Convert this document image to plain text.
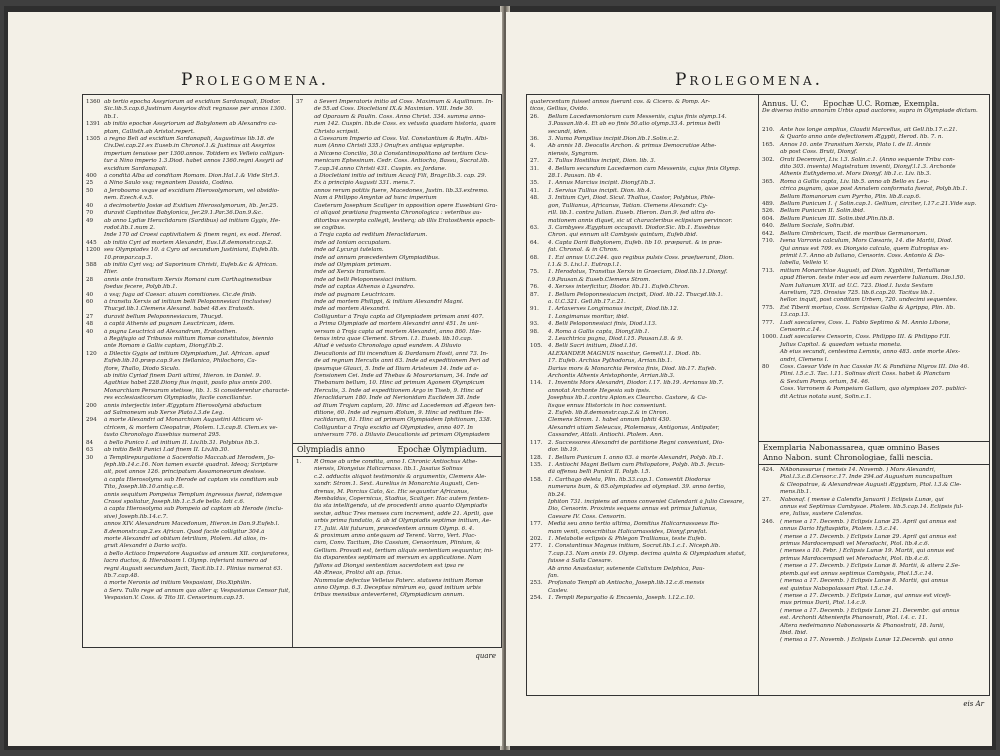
Prolegomena.
1360 ab tertio epocha Assyriorum ad excidium Sardanapali, Diodor.
Sic.lib.5.cap.6.Justinum Assyrios dixit regnasse per annos 1300.
lib.1.
1391 ab initio epochæ Assyriorum ad Babylonem ab Alexandro ca-
ptam, Callisth.ab Aristot.repert.
1305 a regno Beli ad excidium Sardanapali, Augustinus lib.18. de
Civ.Dei.cap.21.ex Euseb.in Chronol.1.& Justinus ait Assyrios
imperium tenuisse per 1300.annos. Totidem ex Velleio colligun-
tur à Nino imperio 1.3.Diod. habet annos 1360.regni Assyrii ad
excidium Sardanapali.
400 à conditâ Alba ad conditam Romam. Dion.Hal.1.& Vide Strl.5.
25 à Nino Saulo vsq; regnantem Dauida, Codino.
50 à Jeroboamo vsque ad excidium Hierosolymorum, vel obsidio-
nem. Ezech.4.v.5.
40 à decimotertio Josiæ ad Exidium Hierosolymorum, lib. Jer.25.
70 duravit Captivitas Babylonica, Jer.29.1.Par.36.Dan.9.&c.
49 ab anno Lydiæ Heraclidarum (Sardibus) ad initium Gygis, He-
rodot.lib.1.num 2.
Inde 170 ad Croesi captivitatem & finem regni, ex eod. Herod.
445 ab initio Cyri ad mortem Alexandri, Eus.l.8.demonstr.cap.2.
1200 seu Olympiades 10. à Cyro ad secundum Justiniani, Eufeb.lib.
10.præpar.cap.3.
588 ab initio Cyri vsq; ad Saporinum Christi, Eufeb.&c & African.
Hier.
28 annis ante transitum Xerxis Romani cum Carthaginensibus
foedus fecere, Polyb.lib.1.
40 à vsq; fuga ad Caesar. atuum comitiones. Cic.de finib.
60 à transitu Xerxis ad initium belli Peloponnesiaci (inclusive)
Thucyd.lib.1.Clemens Alexand. habet 48.ex Eratosth.
27 duravit bellum Peloponnesiacum, Thucyd.
48 à captâ Athenis ad pugnam Leuctricam, idem.
40 à pugna Leuctricâ ad Alexandrum, Eratosthen.
à Regifugio ad Tribunos militum Romæ constitutos, biennio
ante Romam à Gallis captam, Dionyf.lib.2.
120 à Dilectis Gygis ad initium Olympiadum, Jul. African. apud
Eufeb.lib.10.præp.cap.9.ex Hellanico, Philochoro, Ca-
ftore, Thallo, Diodo Siculo.
ab initio Cyriad finem Darii ultimi, Hieron. in Daniel. 9.
Agathias habet 228.Diony fius inquit, paulo plus annis 200.
Monarchiam Persarum stetisse, lib. 1. Si considerentur charactè-
res ecclesiasticorum Olympiadis, facile conciliantur.
200 annis interjectis inter Ægyptum Hierosolymâ abductum
ad Salmoneum sub Xerxe Plato.l.3.de Leg.
294 à morte Alexandri ad Monarchiam Augustini Atticam vi-
ctricem, & mortem Cleopatræ, Ptolem. l.3.cap.8. Clem.ex ve-
tusto Chronologo Eusebius numerat 295.
84 à bello Punico I. ad initium II. Liv.lib.31. Polybius lib.3.
63 ab initio Belli Punici I.ad finem II. Liv.lib.30.
30 à Templirepurgatione à Sacerdotio Maccab.ad Herodem, Jo-
feph.lib.14.c.16. Non tamen exactè quadrat. Ideoq; Scripture
ait, post annos 126. principatum Assamoneorum desisse.
à capta Hierosolyma sub Herode ad captam vis conditam sub
Tito, Joseph.lib.10.antiq.c.8.
annis sequitum Pompeius Templum ingressus fuerat, iidemque
Crassi spoliatur, Joseph.lib.1.c.5.de bello. Ioti c.6.
à capta Hierosolyma sub Pompeio ad captam ab Herode (inclu-
sive) Joseph.lib.14.c.7.
annos XIV. Alexandrum Macedonum, Hieron.in Dan.9.Eufeb.l.
8.demonstr.cap.2.ex African. Quod facile colligitur 304.à
morte Alexandri ad obitum tetrilium, Ptolem. Ad alios, in-
gruit Alexandri à Dario ucifo.
à bello Actiaco Imperatore Augustus ad annum XII. conjuratores,
lacro ductos, & Hieroboam l. Olymp. inferiunt numero ad
regni Augusti secundum Jacit, Tacit.lib.11. Plinius numerat 63.
lib.7.cap.48.
à morte Neronis ad initium Vespasiani, Dio.Xiphilin.
à Serv. Tullo rege ad annum quo alter q; Vespasianus Censor fuit,
Vespasian.V. Coss. & Tito III. Censorinum.cap.15.
37 à Severi Imperatoris initio ad Coss. Maximum & Aquilinum. In-
de 55.ad Coss. Diocletiani IX.& Maximian. VIII. Inde 30.
ad Oparaum & Paulin. Coss. Anno Christ. 334. summa anno-
rum 142. Cuspin. lib.de Coss. ex vetusta quadam historia, quam
Christo scripsit.
à Caesarum Imperio ad Coss. Val. Constantium & Rufin. Albi-
num (Anno Christi 335.) Onufr.ex antiqua epigraphe.
à Nicœno Concilio, 30.à Constantinopolitano ad tertium Ocu-
menicum Ephesinum. Cedr. Coss. Antiocho, Bassu, Socrat.lib.
7.cap.34.anno Christi 431. Cuspin. ex Jordane.
à Diocletiani initio ad initium Acacij Fili, Bragr.lib.3. cap. 29.
Ex à principio Augusti 331. mens.7.
annos rerum potitis fuere, Macedones, Justin. lib.33.extremo.
Nam à Philippo Amyntæ ad hunc imperium
Caeterum Josephum Scaliger in opposition opere Eusebiani Gra-
ci aliquot prætiana fragmenta Chronologica : veteribus au-
ditoribus excerpta collegit, leviterq; ab illis Eratosthenis epoch-
se cogibus.
à Troja capta ad reditum Heraclidarum.
inde ad Ioniam occupatam.
inde ad Lycurgi tutelam.
inde ad annum præcedentem Olympiadibus.
inde ad Olympiam primam.
inde ad Xerxis transitum.
inde ad belli Peloponnesiaci initium.
inde ad captas Athenas à Lysandro.
inde ad pugnam Leuctricam.
inde ad mortem Philippi, & initium Alexandri Magni.
inde ad mortem Alexandri.
Colliguntur à Troja capta ad Olympiadem primam anni 407.
a Prima Olympiade ad mortem Alexandri anni 451. In uni-
versum à Troja capta ad mortem Alexandri, anno 860. Hæ-
tenus intra quae Clement. Strom. l.1. Euseb. lib.10.cap.
Aliud è vetusto Chronologo apud eundem. A Diluvio
Deucalionis ad Ilii incendium & Dardanum Hosti, anni 73. In-
de ad regnum Herculis anni 63. Inde ad expeditionem Peri ad
ipsumque Glauci, 5. Inde ad Ilium Aristeum 14. Inde ad a-
fcensionem Cei. Inde ad Thebas & Mourorianum, 34. Inde ad
Thebanum bellum, 10. Hinc ad primum Agonem Olympicum
Herculis, 3. Inde ad expeditionem Argo in Tiseb, 9. Hinc ad
Heraclidarum 180. Inde ad Nerionidam Euclidem 38. Inde
ad Ilium Trojam captam, 20. Hinc ad Lacedemon ad Ægeon ten-
ditione, 60. Inde ad regnum Æolum, 9. Hinc ad reditum He-
raclidarum, 61. Hinc ad primam Olympiadem Iphitionam, 338.
Colliguntur à Troja excidio ad Olympiades, anno 407. In
universum 776. à Diluvio Deucalionis ad primam Olympiadem
Olympiadis anno	Epochæ Olympiadum.
1. R Omae ab urbe condita, anno I. Chronic Antiochus Athe-
niensis, Dionysius Halicarnass. lib.1. Jasaius Solinus
c.2. adductis aliquot testimoniis & argumentis, Clemens Ale-
xandr. Strom.1. Sext. Aurelius in Monarchia Augusti, Cen-
drenus, M. Porcius Cato, &c. Hic sequuntur Africanus,
Rembaldus, Copernicus, Stadius, Scaliger. Hac autem fenten-
tia sta intelligenda, ut de procedenti anno quarto Olympiadis
sextæ, adhuc Tres menses cum increment, adde 21. Aprili, que
urbis prima fundatio, & ab id Olympiadis septimæ initium, Ae-
17. Julii. Alii futurum, præcedentem annum Olymp. 6. 4.
& proximum anno antequam ad Terent. Varro, Vert. Flac-
cum, Conv. Tacitum, Dio Cassium, Censorinum, Plinium, &
Gellium. Provadi est, tertium aliquis sententiam sequuntur, ini-
tia disparentes septimam ad mersum ex applicatione. Nam
fyllons ad Dionysi sententiam sacerdotem est ipsa re
Ab Æneas, Prolixi alii ap. fcius.
Nummulæ defectue Velleius Paterc. statuens initium Romæ
anno Olymp. 6.3. Deceptus nimirum eo, quod initium urbis
tribus mensibus anteverteret, Olympiadicum annum.
quare
Prolegomena.
quatercentum fuisset annos fuerant cos. & Cicero. & Pomp. Ar-
ticos, Gellius, Ovido.
26. Bellum Lacedæmoniorum cum Messeniis, cujus finis olymp.14.
3.Pausan.lib.4. Et ab eo finis 50.alio olymp.33.4. primus belli
secundi, iden.
36. 3. Numa Pompilius incipit.Dion.lib.1.Solin.c.2.
4. Ab annis 18. Deocalis Archon. & primus Democratiae Athe-
niensis, Syngram.
27. 2. Tullus Hostilius incipit, Dion. lib. 3.
31. 4. Bellum secundum Lacedæmon cum Messeniis, cujus finis Olymp.
28.1. Pausan. lib 4.
35. 1. Annus Marcius incipit. Dionyf.lib.3.
41. 1. Servius Tullius incipit. Dion. lib.4.
48. 3. Initium Cyri, Diod. Sicul. Thallus, Castor, Polybius, Phle-
gon, Tullianus, Africanus, Tatian. Clemens Alexandr. Cy-
rill. lib.1. contra Julian. Euseb. Hieron. Dan.9. fed ultra do-
mationem annis diquet, sic ut characteribus eclipsium pervincor.
63. 3. Cambyses Ægyptum occupavit. Diodor.Sic. lib.1. Eusebius
Chron. qui ennum ult Cambysis quintum, Eufeb.ibid.
64. 4. Capta Darii Babylonem, Eufeb. lib 10. præparat. & in præ-
fat. Chronol. & in Chron.
68. 1. Ezi annus U.C.244. quo regibus pulsis Coss. praefuerunt, Dion.
l.1.& 5. Liv.l.1. Eutrop.l.1.
75. 1. Herodotus, Transitus Xerxis in Graeciam, Diod.lib.11.Dionyf.
l.9.Pausan.& Euseb.Clemens Strom.
76. 4. Xerxes interficitur, Diodor. lib.11. Eufeb.Chron.
87. 1. Bellum Peloponnesiacum incipit, Diod. lib.12. Thucyd.lib.1.
a. U.C.321. Gell.lib.17.c.21.
91. 1. Artaxerxes Longimanus incipit, Diod.lib.12.
1. Longimanus moritur, ibid.
93. 4. Belli Peloponnesiaci finis, Diod.l.13.
98. 4. Roma à Gallis capta, Dionyf.lib.1.
2. Leuchtrica pugna, Diod.l.15. Pausan.l.8. & 9.
105. 4. Belli Sacri initium, Diod.l.16.
ALEXANDER MAGNUS nascitur, Gemell.l.1. Diod. lib.
17. Eufeb. Archias Pythodorus, Arrian.lib.1.
Darius mors & Monarchia Persica finis, Diod. lib.17. Eufeb.
Archontis Athenis Aristophonte, Arrian.lib.3.
114. 1. Inventis Mors Alexandri, Diodor. l.17. lib.19. Arrianus lib.7.
annotat Archonte Hegesia sub ipsis.
Josephus lib.1.contra Apion.ex Clearcho. Castore, & Ca-
lisque ennus Historicis in hoc conseniunt.
2. Eufeb. lib.8.demonstr.cap.2.& in Chron.
Clemens Strom. 1. habet annum Iphiti 430.
Alexandri utiam Seleucus, Ptolemæus, Antigonus, Antipater,
Cassander, Attali. Antiochi. Ptolem. Ann.
117. 2. Successores Alexandri de partitione Regni conveniunt, Dio-
dor. lib.19.
128. 1. Bellum Punicum I. anno 63. à morte Alexandri, Polyb. lib.1.
135. 1. Antiochi Magni Bellum cum Philopatore, Polyb. lib.5. fecun-
dâ offensu belli Punicii II. Polyb. l.5.
158. 1. Carthago deleta, Plin. lib.33.cap.1. Consentit Diodorus
numerans bum, & 65.olympiades ad olympiad. 39. anno tertio,
lib.24.
Iphiton 731. incipiens ad annos conveniet Calendarii à Julio Caesare,
Dio, Censorin. Proximis sequens annus est primus Julianus,
Caesare IV. Coss. Censorin.
177. Medià seu anno tertio ultima, Domitius Halicarnassaeus Ro-
mam venit, conscribitus Halicarnassides, Dionyf.præfat.
202. 1. Metabolie eclipsis & Phlegon Trallianus, teste Eufeb.
277. 1. Constantinus Magnus initium, Socrat.lib.1.c.1. Niceph.lib.
7.cap.13. Nam annis 19. Olymp. decima quinta & Olympiadum statut,
fuisse à Sulla Caesare.
Ab anno Anastasiur, sutenente Calixtum Delphica, Pau-
fan.
253. Profanato Templi ab Antiocho, Joseph.lib.12.c.6.mensis
Caslev.
254. 1. Templi Repurgatio & Encaenia, Joseph. l.12.c.10.
Annus. U. C. Epochæ U.C. Romæ, Exempla.
De diverso initio annorum Urbis apud auctores, supra in Olympiade dictum.
210. Ante hos longe amplius, Claudii Marcellus, ait Gell.lib.17.c.21.
& Quarto anno ante defectionem Ægypti, Herod. lib. 7. n.
165. Annos 10. ante Transitum Xerxis, Plato l. de II. Annis
ab post Coss. Bruti, Dionyf.
302. Orati Decemviri, Liv. l.3. Solin.c.1. (Anno sequente Tribu con-
dito 303. inventa) Magistratum inventi, Dionyf.l.1.3. Archonte
Athenis Euthydemo.vt. Mors Dionyf. lib.1.c. Liv. lib.3.
365. Roma à Gallis capta, Liv. lib.5. anno ab Bello ex Leu-
ctrica pugnam, quae post Annalem conformata fuerat, Polyb.lib.1.
Bellum Romanorum cum Pyrrho, Plin. lib.8.cap.6.
489. Bellum Punicum I. { Solin.cap.1. Gellium, circiter, l.17.c.21.Vide sup.
526. Bellum Punicum II. Solin.ibid.
604. Bellum Punicum III. Solin.ibid.Plin.lib.8.
640. Bellum Sociale, Solin.ibid.
642. Bellum Cimbricum, Tacit. de moribus Germanorum.
710. Ivena Varronis calculum, Mors Cæsaris, 14. die Martii, Diod.
Qui annus est 709. ex Dionysio calculo, quem Eutropius ex-
primit l.7. Anno ab Iuliano, Censorin. Coss. Antonio & Do-
labella, Velleio V.
713. mitium Monarchiae Augusti, ad Dion. Xyphilini, Tertullianæ
apud Hieron. teste inter eos ad eam revertere Iulianum. Dio.l.50.
Nam Iulianum XVII. ad U.C. 723. Diod.l. Iuxta Sextum
Aurelium, 725. Orosius 725. lib.6.cap.20. Tacitus lib.1.
hellor. inquit, post conditam Urbem, 720. undecimi sequentes.
775. Est Tiberii mortuo, Coss. Scripsius Galba & Agrippa, Plin. lib.
13.cap.13.
777. Ludi saeculares, Coss. L. Fabio Septimo & M. Annio Libone,
Censorin.c.14.
1000. Ludi saeculares Censorin, Coss. Philippo III. & Philippo F.II.
Julius Capitol. & quaedam vetusta moneta.
Ab eius secundi, centesima Lemnis, anno 483. ante morte Alex-
andri, Clemens l.
80 Coss. Caesar Vide in hac Cassiæ IV. & Pandiâna Nigros III. Dio 46.
Plini. l.5.c.3. Tac. l.11. Solinus dicit Coss. habet & Planctum
& Sextum Pomp. ortum, 54. 46.
Coss. Varronem & Pompeium Gallum, quo olympiaes 207. publici-
dit Actius notata sunt, Solin.c.1.
Exemplaria Nabonassarea, quæ omnino Bases
Anno Nabon. sunt Chronologiae, falli nescia.
424. NAbonassarus ( mensis 14. Novemb. ) Mors Alexandri,
Ptol.l.3.c.8.Censor.c.17. Inde 294.ad Augustum nuncupaltum
& Cleopatrae, & Alexandreae Augusti Ægyptum, Ptol. l.3.& Cle-
mens.lib.1.
27. Nabonaf. ( mense à Calendis Januarii ) Eclipsis Lunæ, qui
annus est Septimus Cambysae. Ptolem. lib.5.cap.14. Eclipsis ful-
ere, Iulius, sustere Calendas.
246. ( mense a 17. Decemb. ) Eclipsis Lunæ 25. April qui annus est
annus Dario Hyftaspidis, Ptolem. l.5.c.14.
( mense a 17. Decemb. ) Eclipsis Lunæ 29. April qui annus est
primus Mardocempadi vel Merodachi, Ptol. lib.4.c.6.
( menses a 10. Febr. ) Eclipsis Lunæ 19. Martii, qui annus est
primus Mardocempadi vel Merodachi, Ptol. lib.4.c.6.
( mense a 17. Decemb. ) Eclipsis Lunæ 8. Martii, & altera 2.Se-
ptemb.qui est annus septimus Cambysis, Ptol.l.5.c.14.
( mensa a 17. Decemb. ) Eclipsis Lunæ 8. Martii, qui annus
est quintus Nabopolassari Ptol. l.5.c.14.
( mense a 17. Decemb. ) Eclipsis Lunæ, qui annus est vicefi-
mus primus Darii, Ptol. l.4.c.9.
( mense a 17. Decemb. ) Eclipsis Lunæ 21. Decembr. qui annus
est. Archonti Athenienfis Phanosrati, Ptol. l.4. c. 11.
Altera nedeimanno Nabonassaris & Phanostrati, 18. Iunii,
Ibid. Ibid.
( mensa a 17. Novemb. ) Eclipsis Lunæ 12.Decemb. qui anno
eis Ar
